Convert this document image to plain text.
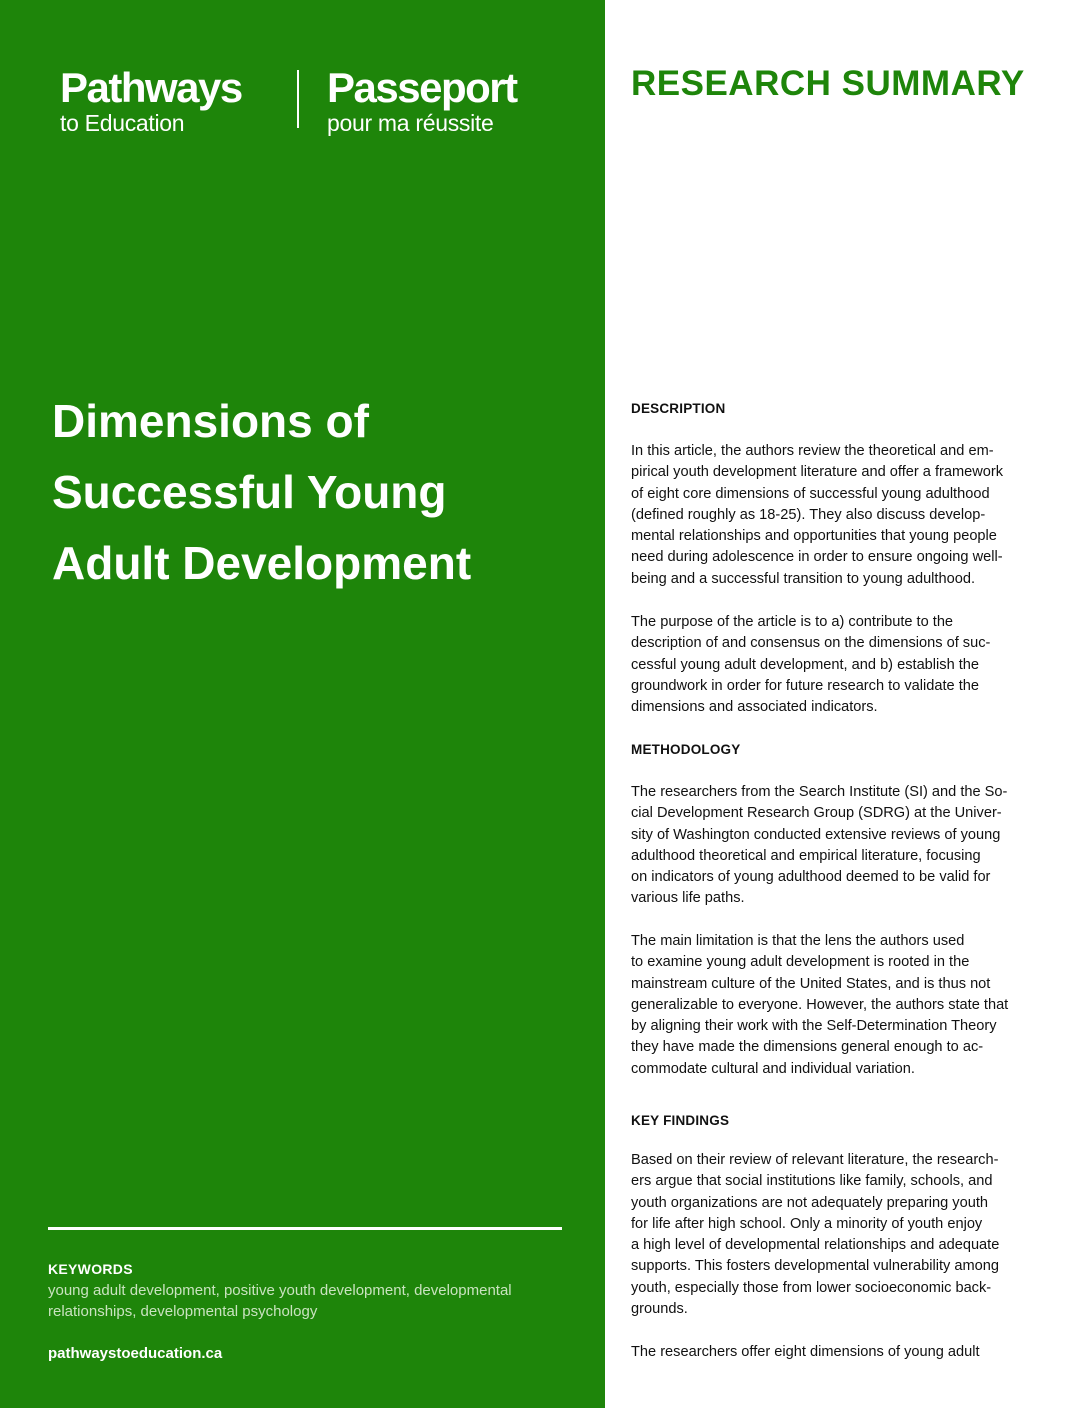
Pathways
to Education
Passeport
pour ma réussite
Dimensions of
Successful Young
Adult Development
KEYWORDS
young adult development, positive youth development, developmental relationships, developmental psychology
pathwaystoeducation.ca
RESEARCH SUMMARY
DESCRIPTION

In this article, the authors review the theoretical and em-
pirical youth development literature and offer a framework
of eight core dimensions of successful young adulthood
(defined roughly as 18-25). They also discuss develop-
mental relationships and opportunities that young people
need during adolescence in order to ensure ongoing well-
being and a successful transition to young adulthood.

The purpose of the article is to a) contribute to the
description of and consensus on the dimensions of suc-
cessful young adult development, and b) establish the
groundwork in order for future research to validate the
dimensions and associated indicators.

METHODOLOGY

The researchers from the Search Institute (SI) and the So-
cial Development Research Group (SDRG) at the Univer-
sity of Washington conducted extensive reviews of young
adulthood theoretical and empirical literature, focusing
on indicators of young adulthood deemed to be valid for
various life paths.

The main limitation is that the lens the authors used
to examine young adult development is rooted in the
mainstream culture of the United States, and is thus not
generalizable to everyone. However, the authors state that
by aligning their work with the Self-Determination Theory
they have made the dimensions general enough to ac-
commodate cultural and individual variation.

KEY FINDINGS

Based on their review of relevant literature, the research-
ers argue that social institutions like family, schools, and
youth organizations are not adequately preparing youth
for life after high school. Only a minority of youth enjoy
a high level of developmental relationships and adequate
supports. This fosters developmental vulnerability among
youth, especially those from lower socioeconomic back-
grounds.

The researchers offer eight dimensions of young adult
